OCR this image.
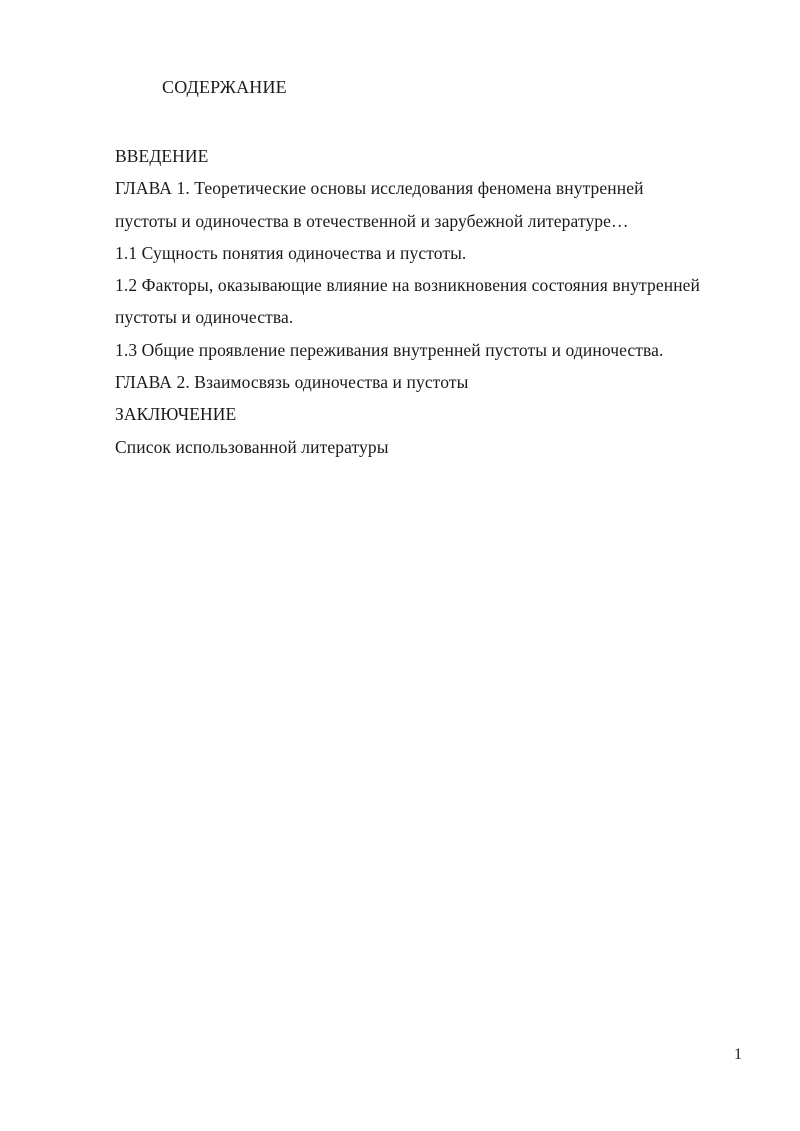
СОДЕРЖАНИЕ
ВВЕДЕНИЕ
ГЛАВА 1. Теоретические основы исследования феномена внутренней
пустоты и одиночества в отечественной и зарубежной литературе…
1.1 Сущность понятия одиночества и пустоты.
1.2 Факторы, оказывающие влияние на возникновения состояния внутренней
пустоты и одиночества.
1.3 Общие проявление переживания внутренней пустоты и одиночества.
ГЛАВА 2. Взаимосвязь одиночества и пустоты
ЗАКЛЮЧЕНИЕ
Список использованной литературы
1
